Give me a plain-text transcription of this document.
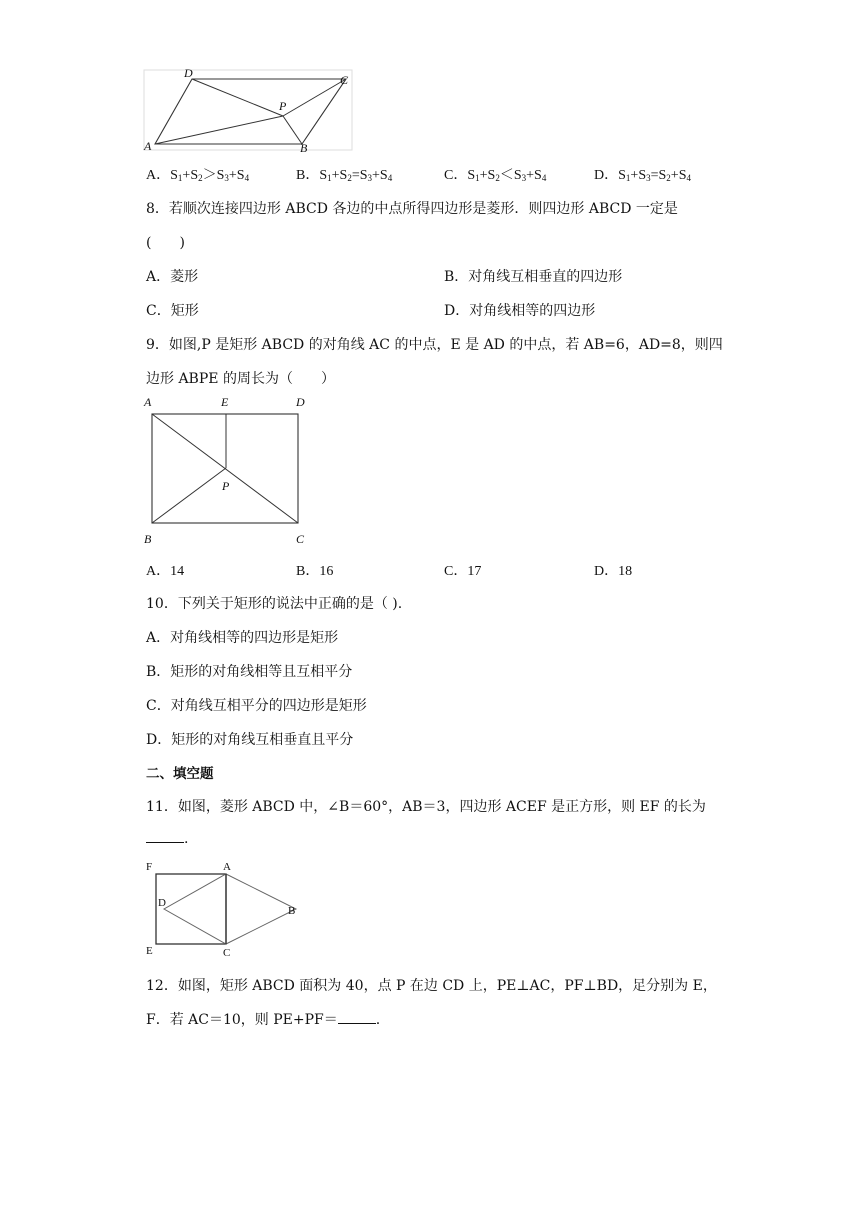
A
D	C
P
B
A．$S_1+S_2>S_3+S_4$	B．$S_1+S_2=S_3+S_4$	C．$S_1+S_2<S_3+S_4$	D．$S_1+S_3=S_2+S_4$
8．若顺次连接四边形 ABCD 各边的中点所得四边形是菱形．则四边形 ABCD 一定是
(　　)
A．菱形	B．对角线互相垂直的四边形
C．矩形	D．对角线相等的四边形
9．如图,P 是矩形 ABCD 的对角线 AC 的中点，E 是 AD 的中点，若 AB=6，AD=8，则四
边形 ABPE 的周长为（　　）
A	E	D
P
B	C
A．14	B．16	C．17	D．18
10．下列关于矩形的说法中正确的是（ ).
A．对角线相等的四边形是矩形
B．矩形的对角线相等且互相平分
C．对角线互相平分的四边形是矩形
D．矩形的对角线互相垂直且平分
二、填空题
11．如图，菱形 ABCD 中，∠B＝60°，AB＝3，四边形 ACEF 是正方形，则 EF 的长为
.
F	A
D
B
E	C
12．如图，矩形 ABCD 面积为 40，点 P 在边 CD 上，PE⊥AC，PF⊥BD，足分别为 E，
F．若 AC＝10，则 PE+PF＝	.
